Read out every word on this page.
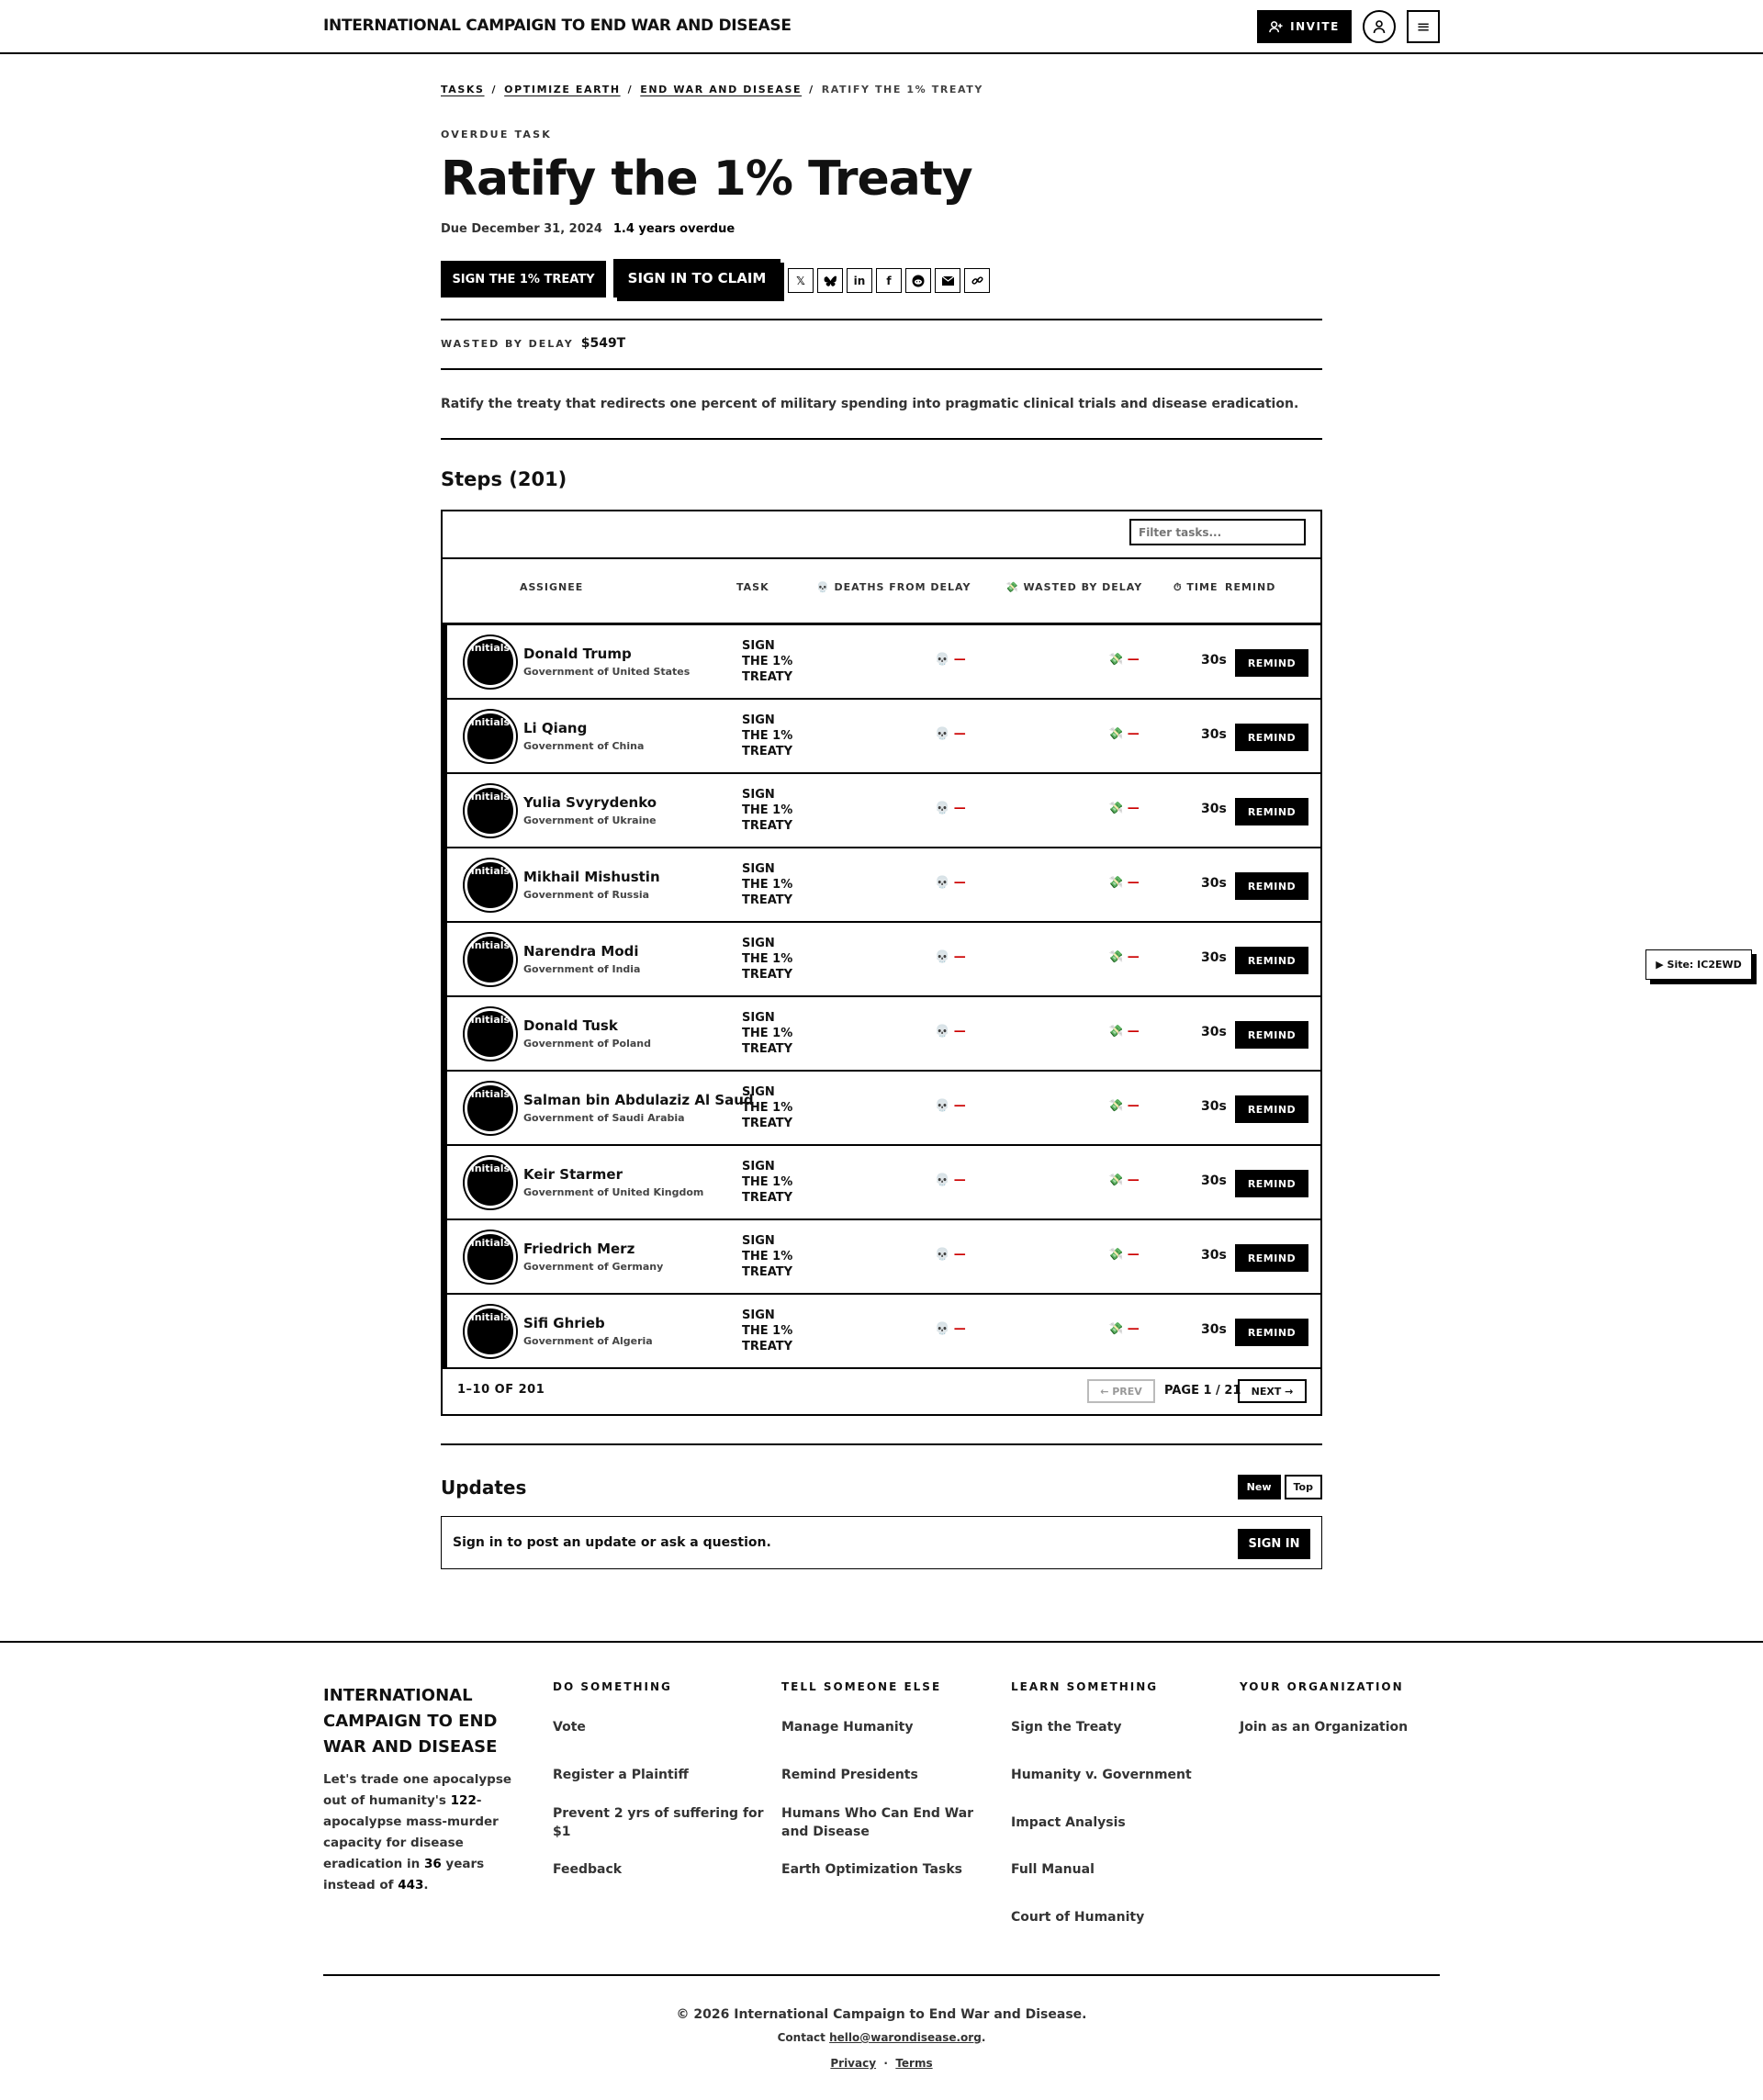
INTERNATIONAL CAMPAIGN TO END WAR AND DISEASE	INVITE	≡
TASKS / OPTIMIZE EARTH / END WAR AND DISEASE / RATIFY THE 1% TREATY
OVERDUE TASK
Ratify the 1% Treaty
Due December 31, 2024 1.4 years overdue
SIGN THE 1% TREATY	SIGN IN TO CLAIM	𝕏	in	f
WASTED BY DELAY $549T

Ratify the treaty that redirects one percent of military spending into pragmatic clinical trials and disease eradication.

Steps (201)
Filter tasks...
ASSIGNEE	TASK	💀 DEATHS FROM DELAY	💸 WASTED BY DELAY	⏱ TIME REMIND
initials Donald Trump
Government of United States
SIGN THE 1% TREATY
💀 —	💸 —	30s	REMIND
initials Li Qiang
Government of China
SIGN THE 1% TREATY
💀 —	💸 —	30s	REMIND
initials Yulia Svyrydenko
Government of Ukraine
SIGN THE 1% TREATY
💀 —	💸 —	30s	REMIND
initials Mikhail Mishustin
Government of Russia
SIGN THE 1% TREATY
💀 —	💸 —	30s	REMIND
initials Narendra Modi
Government of India
SIGN THE 1% TREATY
💀 —	💸 —	30s	REMIND
initials Donald Tusk
Government of Poland
SIGN THE 1% TREATY
💀 —	💸 —	30s	REMIND
initials Salman bin Abdulaziz Al Saud
Government of Saudi Arabia
SIGN THE 1% TREATY
💀 —	💸 —	30s	REMIND
initials Keir Starmer
Government of United Kingdom
SIGN THE 1% TREATY
💀 —	💸 —	30s	REMIND
initials Friedrich Merz
Government of Germany
SIGN THE 1% TREATY
💀 —	💸 —	30s	REMIND
initials Sifi Ghrieb
Government of Algeria
SIGN THE 1% TREATY
💀 —	💸 —	30s	REMIND
1–10 OF 201	← PREV	PAGE 1 / 21	NEXT →
Updates	New	Top
Sign in to post an update or ask a question.	SIGN IN
▶ Site: IC2EWD
INTERNATIONAL CAMPAIGN TO END WAR AND DISEASE

Let's trade one apocalypse out of humanity's 122-apocalypse mass-murder capacity for disease eradication in 36 years instead of 443.

DO SOMETHING
Vote
Register a Plaintiff
Prevent 2 yrs of suffering for $1
Feedback
TELL SOMEONE ELSE
Manage Humanity
Remind Presidents
Humans Who Can End War and Disease
Earth Optimization Tasks
LEARN SOMETHING
Sign the Treaty
Humanity v. Government
Impact Analysis
Full Manual
Court of Humanity
YOUR ORGANIZATION
Join as an Organization

© 2026 International Campaign to End War and Disease.

Contact hello@warondisease.org.

Privacy · Terms
